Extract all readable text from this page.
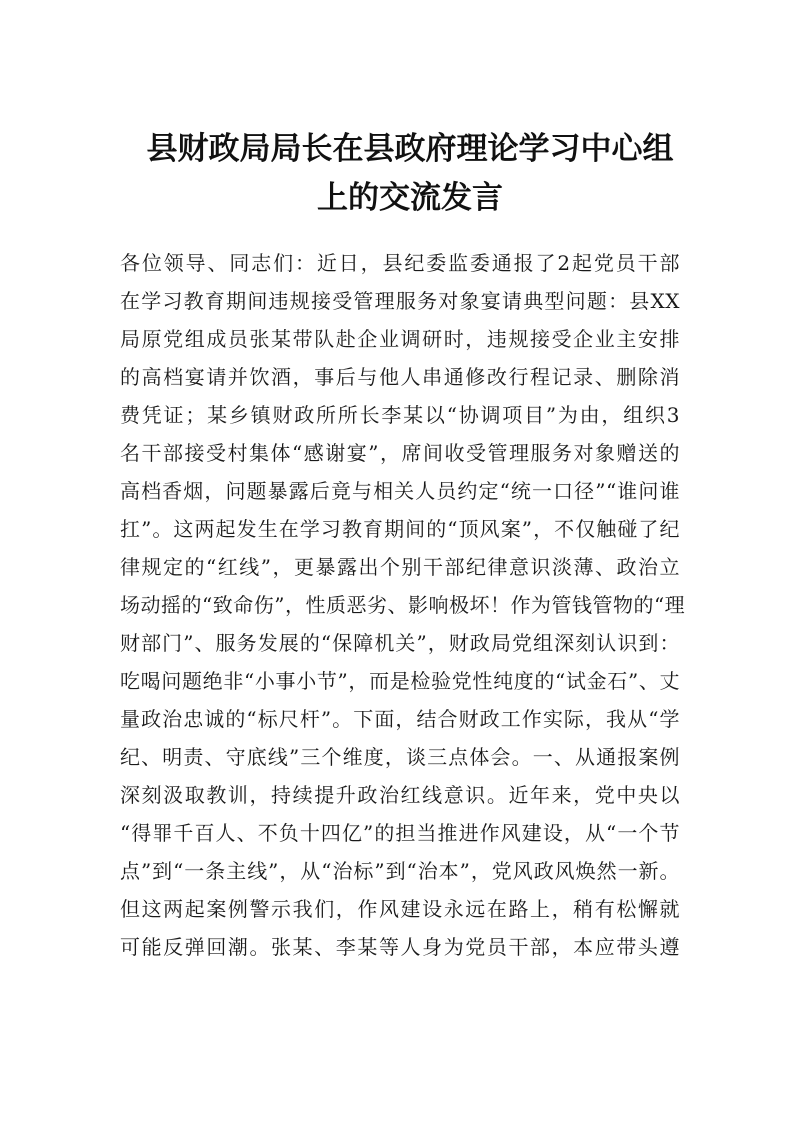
县财政局局长在县政府理论学习中心组
上的交流发言
各位领导、同志们：近日，县纪委监委通报了2起党员干部
在学习教育期间违规接受管理服务对象宴请典型问题：县XX
局原党组成员张某带队赴企业调研时，违规接受企业主安排
的高档宴请并饮酒，事后与他人串通修改行程记录、删除消
费凭证；某乡镇财政所所长李某以“协调项目”为由，组织3
名干部接受村集体“感谢宴”，席间收受管理服务对象赠送的
高档香烟，问题暴露后竟与相关人员约定“统一口径”“谁问谁
扛”。这两起发生在学习教育期间的“顶风案”，不仅触碰了纪
律规定的“红线”，更暴露出个别干部纪律意识淡薄、政治立
场动摇的“致命伤”，性质恶劣、影响极坏！作为管钱管物的“理
财部门”、服务发展的“保障机关”，财政局党组深刻认识到：
吃喝问题绝非“小事小节”，而是检验党性纯度的“试金石”、丈
量政治忠诚的“标尺杆”。下面，结合财政工作实际，我从“学
纪、明责、守底线”三个维度，谈三点体会。一、从通报案例
深刻汲取教训，持续提升政治红线意识。近年来，党中央以
“得罪千百人、不负十四亿”的担当推进作风建设，从“一个节
点”到“一条主线”，从“治标”到“治本”，党风政风焕然一新。
但这两起案例警示我们，作风建设永远在路上，稍有松懈就
可能反弹回潮。张某、李某等人身为党员干部，本应带头遵
